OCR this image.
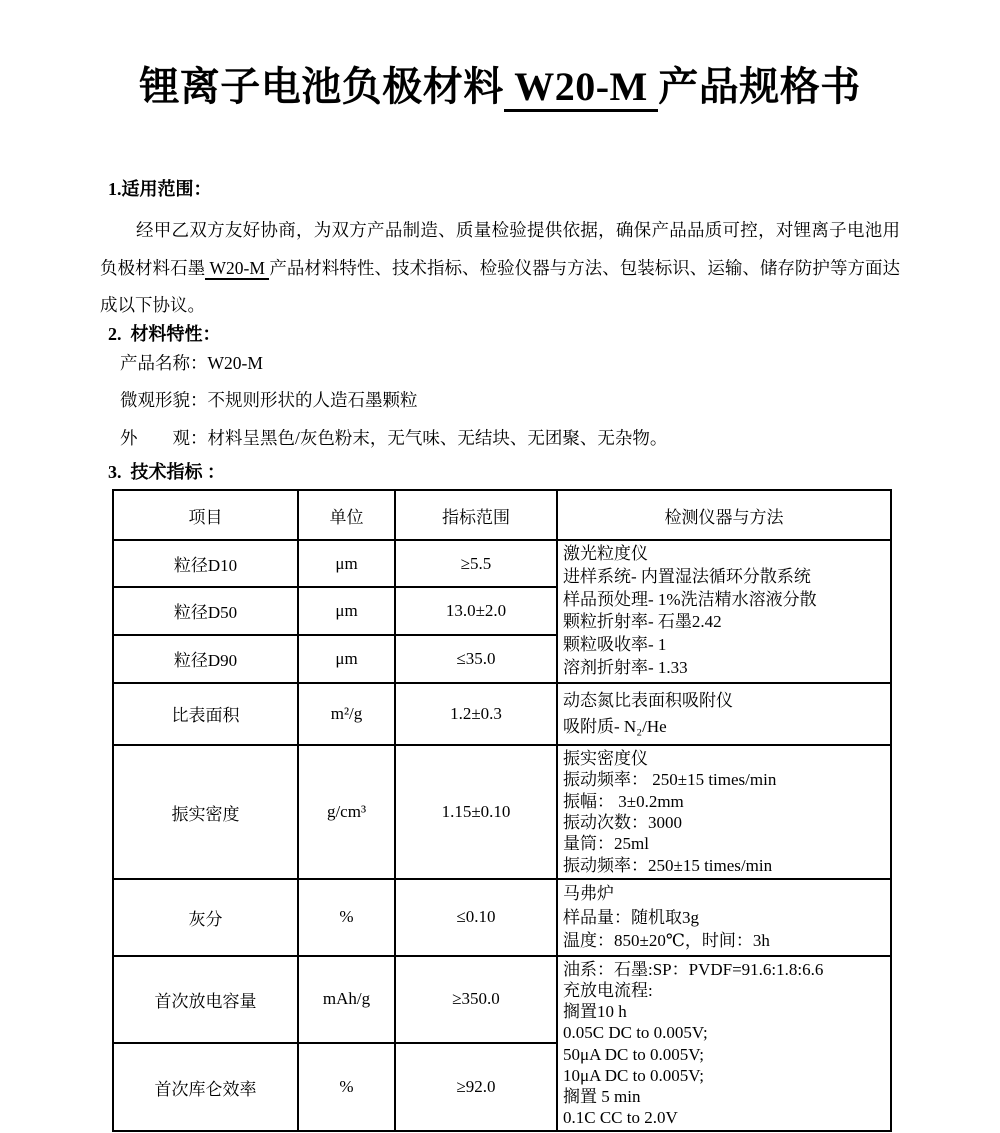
锂离子电池负极材料 W20-M 产品规格书
1.适用范围：

经甲乙双方友好协商，为双方产品制造、质量检验提供依据，确保产品品质可控，对锂离子电池用负极材料石墨 W20-M 产品材料特性、技术指标、检验仪器与方法、包装标识、运输、储存防护等方面达成以下协议。

2.  材料特性：
产品名称：W20-M
微观形貌：不规则形状的人造石墨颗粒
外　　观：材料呈黑色/灰色粉末，无气味、无结块、无团聚、无杂物。
3.  技术指标 ：
项目	单位	指标范围	检测仪器与方法
粒径D10	μm	≥5.5	
激光粒度仪
进样系统- 内置湿法循环分散系统
样品预处理- 1%洗洁精水溶液分散
颗粒折射率- 石墨2.42
颗粒吸收率- 1
溶剂折射率- 1.33

粒径D50	μm	13.0±2.0	
粒径D90	μm	≤35.0	
比表面积	m²/g	1.2±0.3	动态氮比表面积吸附仪
吸附质- N₂/He

振实密度	g/cm³	1.15±0.10	
振实密度仪
振动频率： 250±15 times/min
振幅： 3±0.2mm
振动次数：3000
量筒：25ml
振动频率：250±15 times/min

灰分	%	≤0.10	马弗炉
样品量：随机取3g
温度：850±20℃，时间：3h

首次放电容量	mAh/g	≥350.0	
油系：石墨:SP：PVDF=91.6:1.8:6.6
充放电流程:
搁置10 h
0.05C DC to 0.005V;
50μA DC to 0.005V;
10μA DC to 0.005V;
搁置 5 min
0.1C CC to 2.0V

首次库仑效率	%	≥92.0	
